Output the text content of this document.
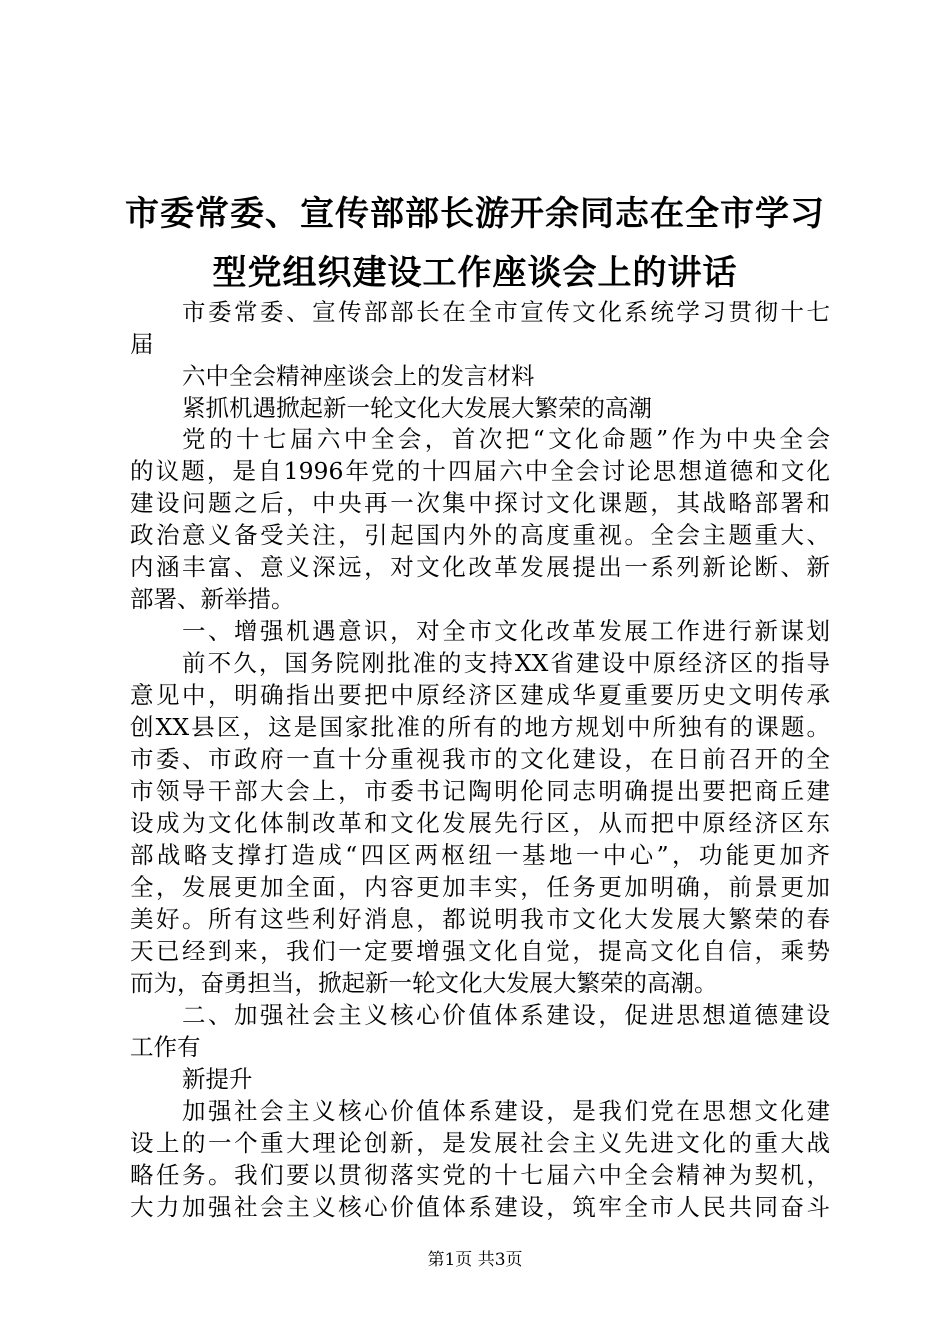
市委常委、宣传部部长游开余同志在全市学习
型党组织建设工作座谈会上的讲话
市委常委、宣传部部长在全市宣传文化系统学习贯彻十七
届
六中全会精神座谈会上的发言材料
紧抓机遇掀起新一轮文化大发展大繁荣的高潮
党的十七届六中全会，首次把“文化命题”作为中央全会
的议题，是自1996年党的十四届六中全会讨论思想道德和文化
建设问题之后，中央再一次集中探讨文化课题，其战略部署和
政治意义备受关注，引起国内外的高度重视。全会主题重大、
内涵丰富、意义深远，对文化改革发展提出一系列新论断、新
部署、新举措。
一、增强机遇意识，对全市文化改革发展工作进行新谋划
前不久，国务院刚批准的支持XX省建设中原经济区的指导
意见中，明确指出要把中原经济区建成华夏重要历史文明传承
创XX县区，这是国家批准的所有的地方规划中所独有的课题。
市委、市政府一直十分重视我市的文化建设，在日前召开的全
市领导干部大会上，市委书记陶明伦同志明确提出要把商丘建
设成为文化体制改革和文化发展先行区，从而把中原经济区东
部战略支撑打造成“四区两枢纽一基地一中心”，功能更加齐
全，发展更加全面，内容更加丰实，任务更加明确，前景更加
美好。所有这些利好消息，都说明我市文化大发展大繁荣的春
天已经到来，我们一定要增强文化自觉，提高文化自信，乘势
而为，奋勇担当，掀起新一轮文化大发展大繁荣的高潮。
二、加强社会主义核心价值体系建设，促进思想道德建设
工作有
新提升
加强社会主义核心价值体系建设，是我们党在思想文化建
设上的一个重大理论创新，是发展社会主义先进文化的重大战
略任务。我们要以贯彻落实党的十七届六中全会精神为契机，
大力加强社会主义核心价值体系建设，筑牢全市人民共同奋斗
第1页 共3页
